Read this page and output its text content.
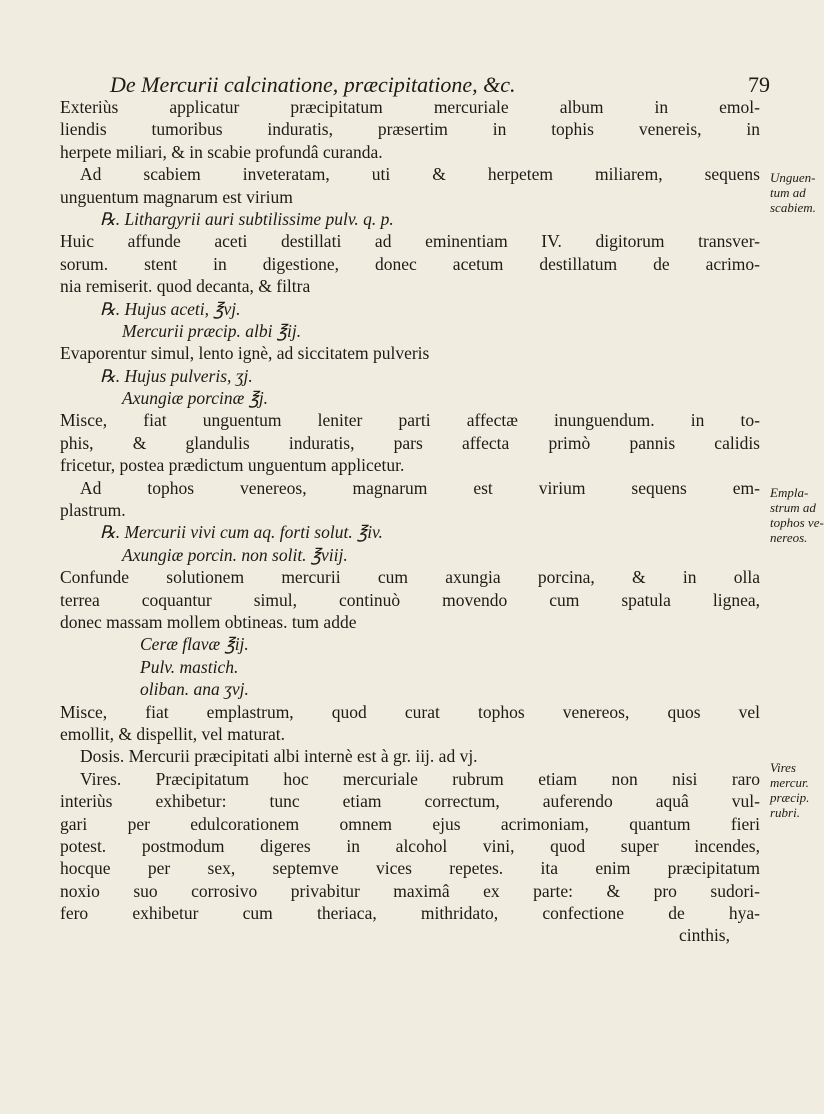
De Mercurii calcinatione, præcipitatione, &c.	79
Exteriùs applicatur præcipitatum mercuriale album in emol-
liendis tumoribus induratis, præsertim in tophis venereis, in
herpete miliari, & in scabie profundâ curanda.
Ad scabiem inveteratam, uti & herpetem miliarem, sequens
unguentum magnarum est virium
℞. Lithargyrii auri subtilissime pulv. q. p.
Huic affunde aceti destillati ad eminentiam IV. digitorum transver-
sorum. stent in digestione, donec acetum destillatum de acrimo-
nia remiserit. quod decanta, & filtra
℞. Hujus aceti, ℥vj.
Mercurii præcip. albi ℥ij.
Evaporentur simul, lento ignè, ad siccitatem pulveris
℞. Hujus pulveris, ʒj.
Axungiæ porcinæ ℥j.
Misce, fiat unguentum leniter parti affectæ inunguendum. in to-
phis, & glandulis induratis, pars affecta primò pannis calidis
fricetur, postea prædictum unguentum applicetur.
Ad tophos venereos, magnarum est virium sequens em-
plastrum.
℞. Mercurii vivi cum aq. forti solut. ℥iv.
Axungiæ porcin. non solit. ℥viij.
Confunde solutionem mercurii cum axungia porcina, & in olla
terrea coquantur simul, continuò movendo cum spatula lignea,
donec massam mollem obtineas. tum adde
Ceræ flavæ ℥ij.
Pulv. mastich.
oliban. ana ʒvj.
Misce, fiat emplastrum, quod curat tophos venereos, quos vel
emollit, & dispellit, vel maturat.
Dosis. Mercurii præcipitati albi internè est à gr. iij. ad vj.
Vires. Præcipitatum hoc mercuriale rubrum etiam non nisi raro
interiùs exhibetur: tunc etiam correctum, auferendo aquâ vul-
gari per edulcorationem omnem ejus acrimoniam, quantum fieri
potest. postmodum digeres in alcohol vini, quod super incendes,
hocque per sex, septemve vices repetes. ita enim præcipitatum
noxio suo corrosivo privabitur maximâ ex parte: & pro sudori-
fero exhibetur cum theriaca, mithridato, confectione de hya-
cinthis,
Unguen-
tum ad
scabiem.
Empla-
strum ad
tophos ve-
nereos.
Vires
mercur.
præcip.
rubri.
